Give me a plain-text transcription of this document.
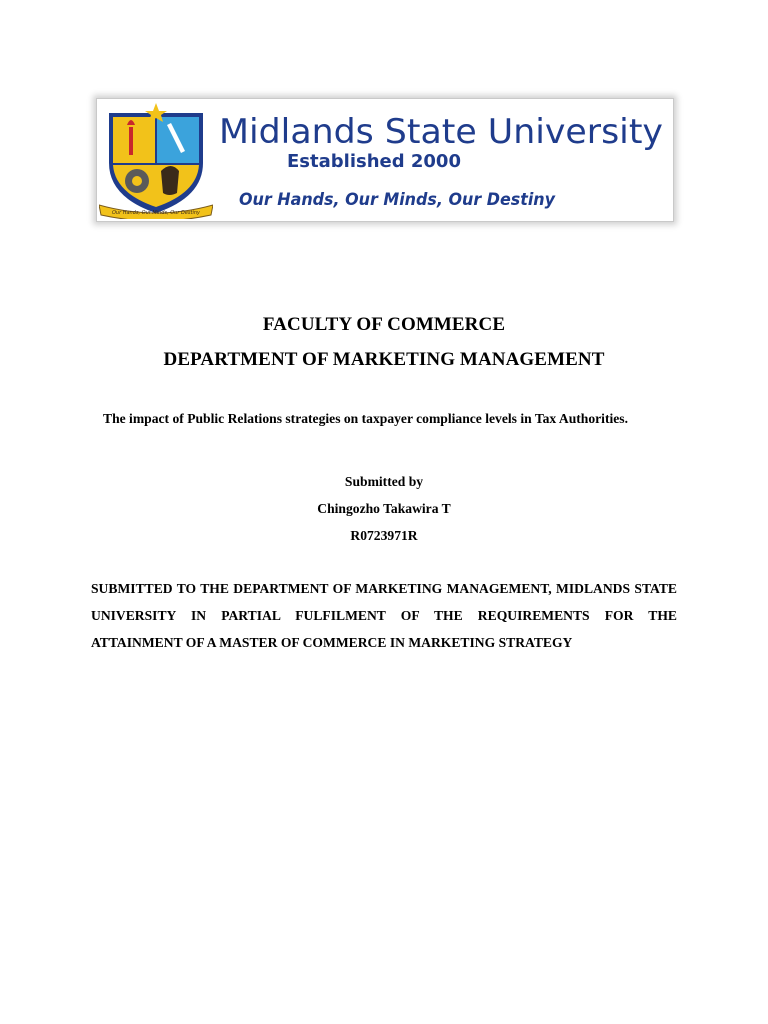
Our Hands, Our Minds, Our Destiny
Midlands State University
Established 2000
Our Hands, Our Minds, Our Destiny
FACULTY OF COMMERCE
DEPARTMENT OF MARKETING MANAGEMENT
The impact of Public Relations strategies on taxpayer compliance levels in Tax Authorities.
Submitted by
Chingozho Takawira T
R0723971R
SUBMITTED TO THE DEPARTMENT OF MARKETING MANAGEMENT, MIDLANDS STATE UNIVERSITY IN PARTIAL FULFILMENT OF THE REQUIREMENTS FOR THE ATTAINMENT OF A MASTER OF COMMERCE IN MARKETING STRATEGY
